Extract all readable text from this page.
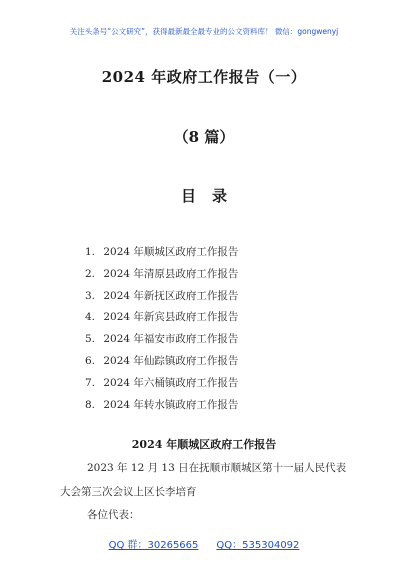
关注头条号“公文研究”，获得最新最全最专业的公文资料库！ 微信：gongwenyj
2024 年政府工作报告（一）
（8 篇）
目录
1. 2024 年顺城区政府工作报告
2. 2024 年清原县政府工作报告
3. 2024 年新抚区政府工作报告
4. 2024 年新宾县政府工作报告
5. 2024 年福安市政府工作报告
6. 2024 年仙踪镇政府工作报告
7. 2024 年六桶镇政府工作报告
8. 2024 年转水镇政府工作报告
2024 年顺城区政府工作报告
2023 年 12 月 13 日在抚顺市顺城区第十一届人民代表
大会第三次会议上区长李培育
各位代表：
QQ 群：30265665 QQ：535304092
